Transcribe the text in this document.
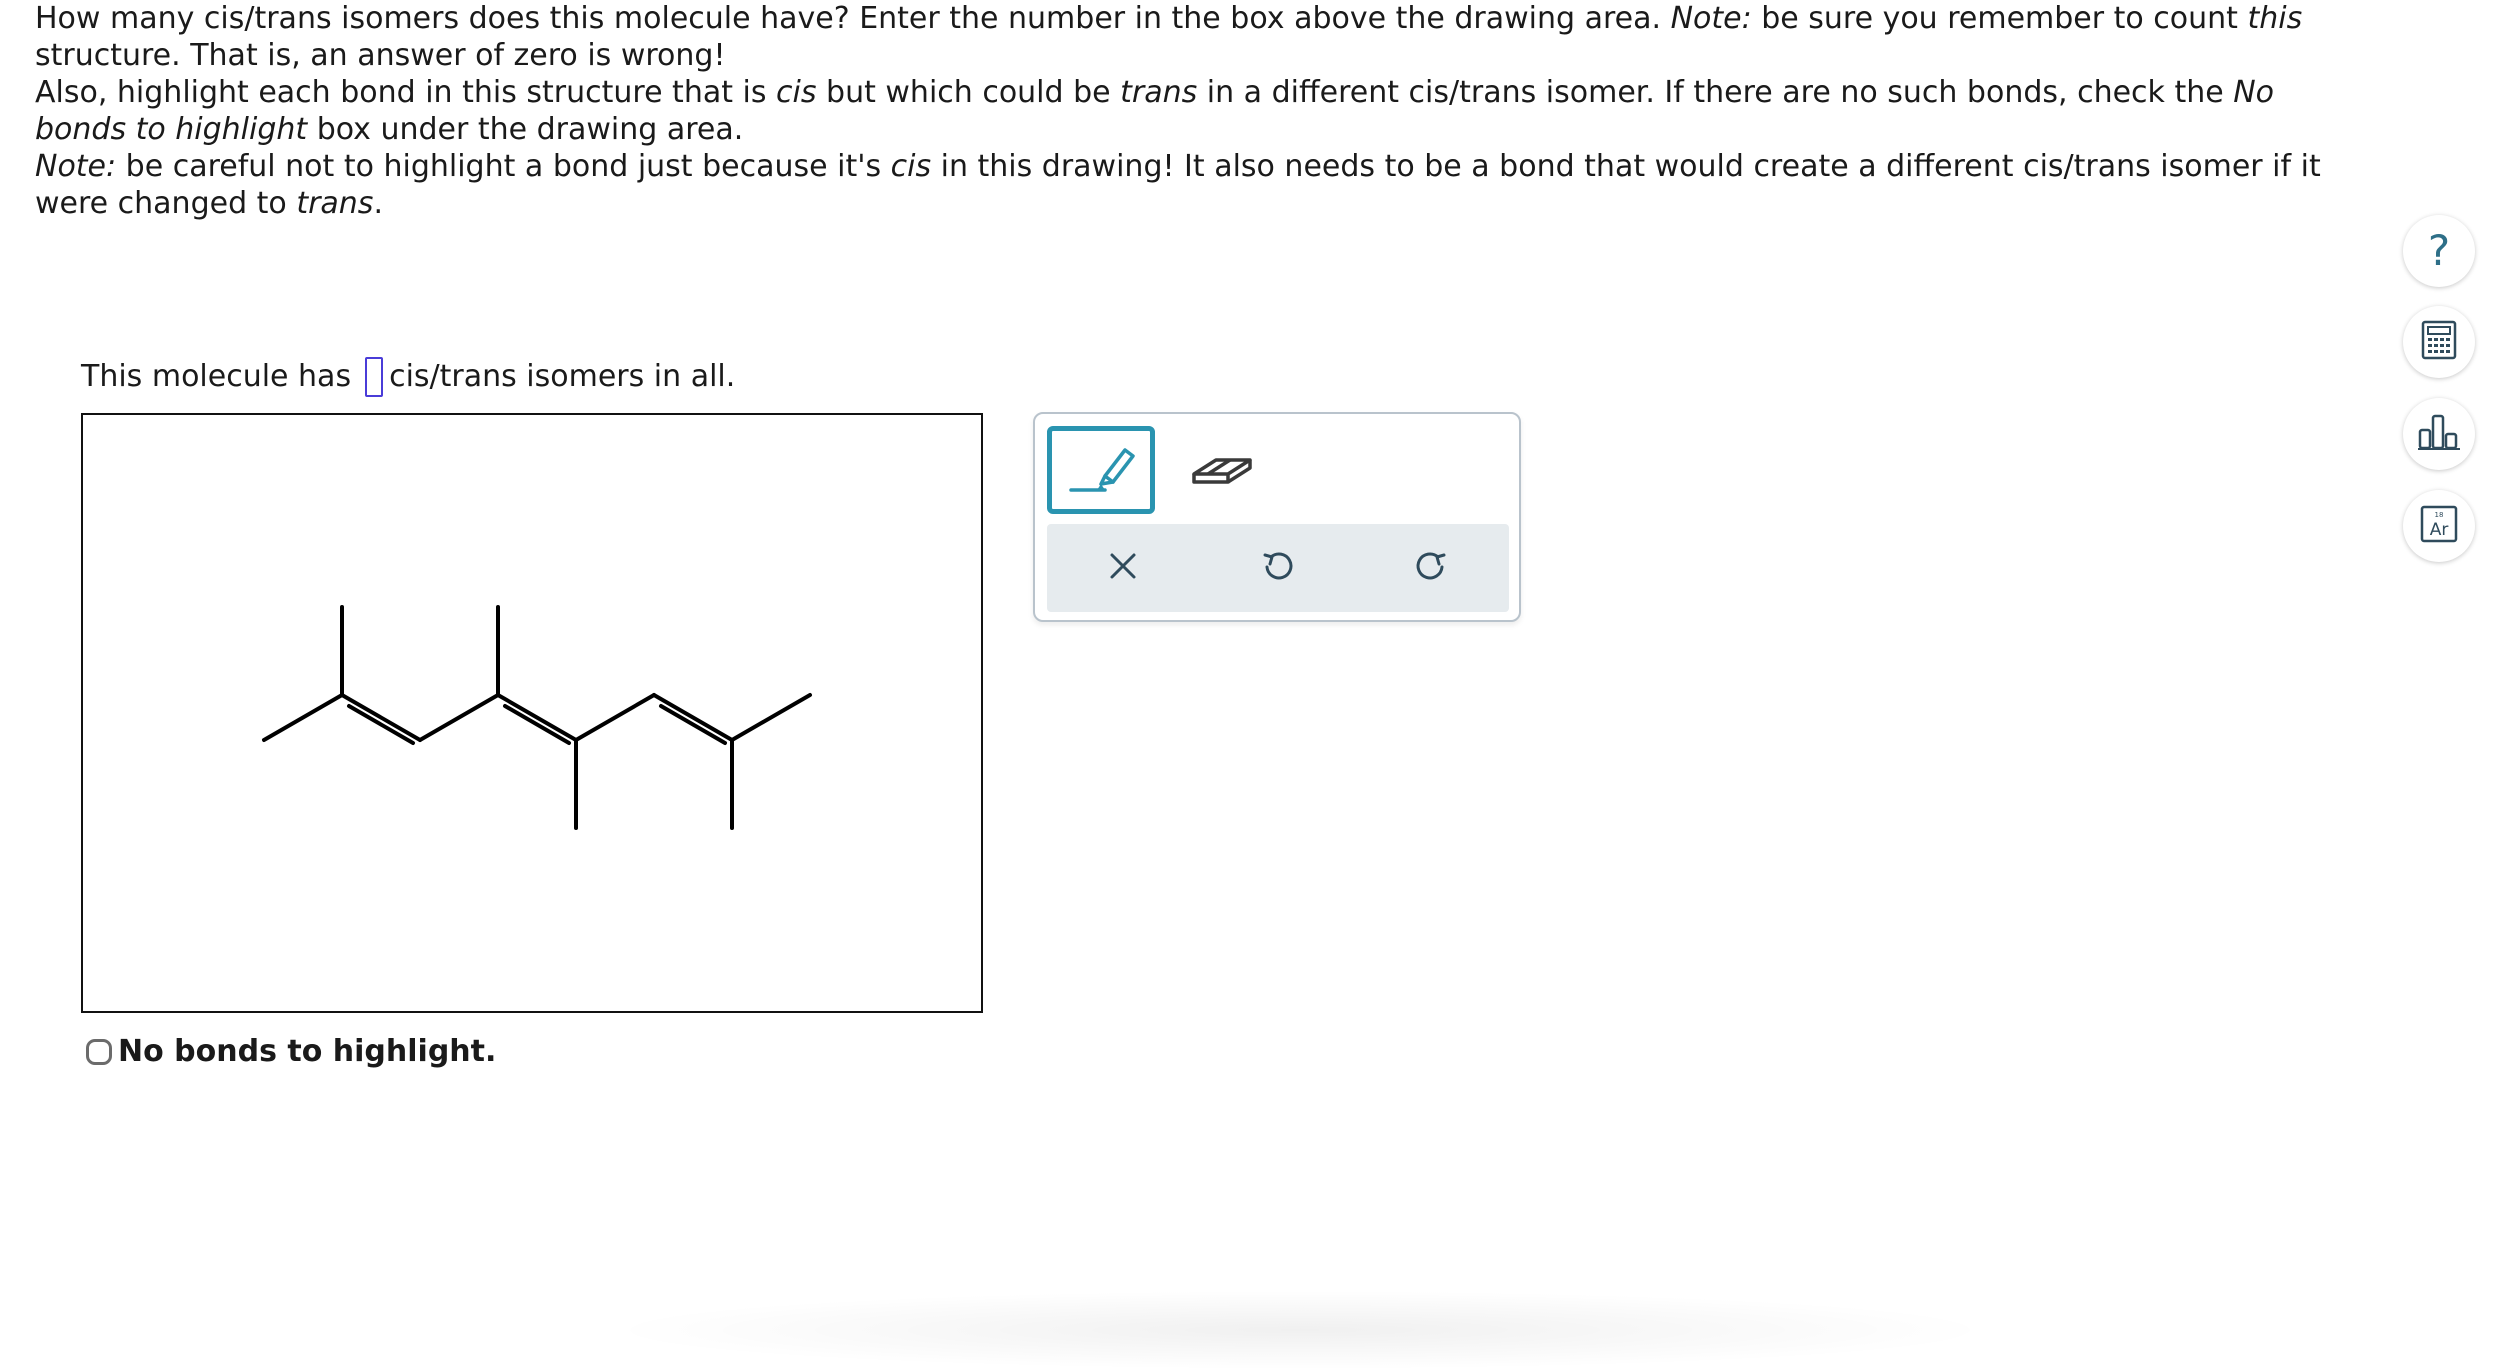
How many cis/trans isomers does this molecule have? Enter the number in the box above the drawing area. Note: be sure you remember to count this structure. That is, an answer of zero is wrong!

Also, highlight each bond in this structure that is cis but which could be trans in a different cis/trans isomer. If there are no such bonds, check the No bonds to highlight box under the drawing area.

Note: be careful not to highlight a bond just because it's cis in this drawing! It also needs to be a bond that would create a different cis/trans isomer if it were changed to trans.

This molecule has cis/trans isomers in all.
No bonds to highlight.
?
18
Ar
